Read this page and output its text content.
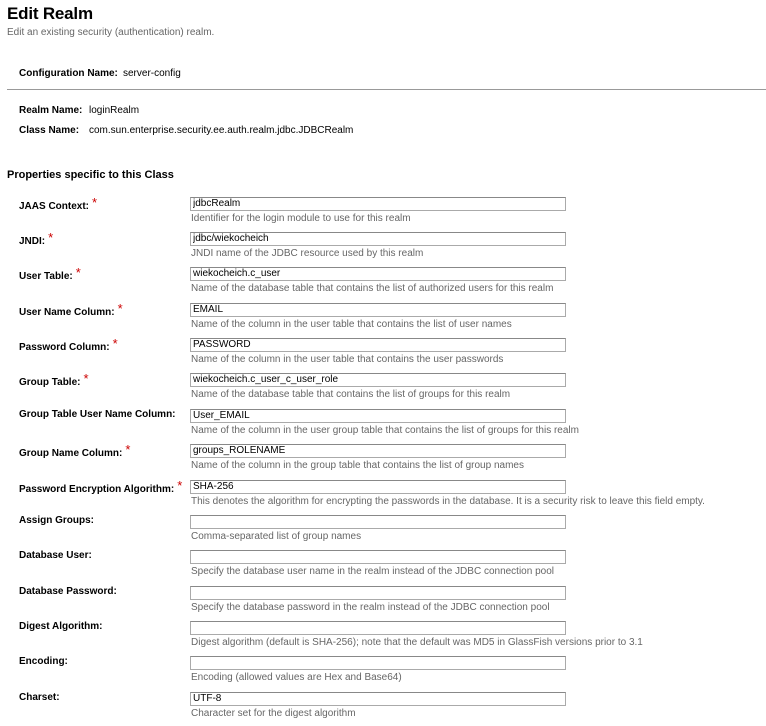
Edit Realm
Edit an existing security (authentication) realm.
Configuration Name: server-config
Realm Name: loginRealm
Class Name: com.sun.enterprise.security.ee.auth.realm.jdbc.JDBCRealm
Properties specific to this Class
JAAS Context: *
jdbcRealm
Identifier for the login module to use for this realm
JNDI: *
jdbc/wiekocheich
JNDI name of the JDBC resource used by this realm
User Table: *
wiekocheich.c_user
Name of the database table that contains the list of authorized users for this realm
User Name Column: *
EMAIL
Name of the column in the user table that contains the list of user names
Password Column: *
PASSWORD
Name of the column in the user table that contains the user passwords
Group Table: *
wiekocheich.c_user_c_user_role
Name of the database table that contains the list of groups for this realm
Group Table User Name Column:
User_EMAIL
Name of the column in the user group table that contains the list of groups for this realm
Group Name Column: *
groups_ROLENAME
Name of the column in the group table that contains the list of group names
Password Encryption Algorithm: *
SHA-256
This denotes the algorithm for encrypting the passwords in the database. It is a security risk to leave this field empty.
Assign Groups:
Comma-separated list of group names
Database User:
Specify the database user name in the realm instead of the JDBC connection pool
Database Password:
Specify the database password in the realm instead of the JDBC connection pool
Digest Algorithm:
Digest algorithm (default is SHA-256); note that the default was MD5 in GlassFish versions prior to 3.1
Encoding:
Encoding (allowed values are Hex and Base64)
Charset:
UTF-8
Character set for the digest algorithm
